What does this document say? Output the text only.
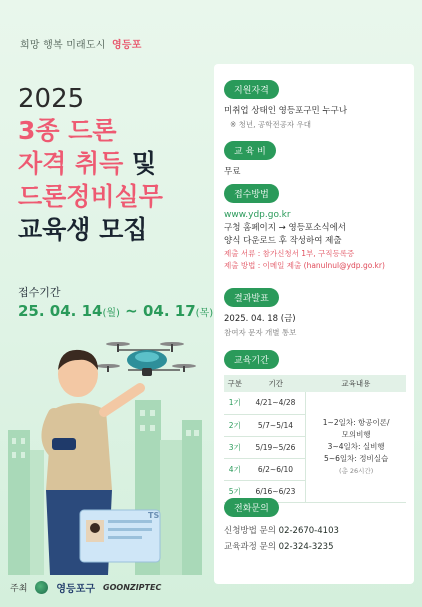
희망 행복 미래도시 영등포
2025
3종 드론
자격 취득 및
드론정비실무
교육생 모집
접수기간
25. 04. 14(월) ~ 04. 17(목)
TS
주최	영등포구 GOONZIPTEC
지원자격
미취업 상태인 영등포구민 누구나
※ 청년, 공학전공자 우대
교 육 비
무료
접수방법
www.ydp.go.kr
구청 홈페이지 → 영등포소식에서
양식 다운로드 후 작성하여 제출
제출 서류 : 참가신청서 1부, 구직등록증
제출 방법 : 이메일 제출 (hanulnul@ydp.go.kr)
결과발표
2025. 04. 18 (금)
참여자 문자 개별 통보
교육기간
구분	기간	교육내용
1기	4/21~4/28	1~2일차: 항공이론/
모의비행
3~4일차: 실비행
5~6일차: 정비실습
(총 26시간)

2기	5/7~5/14	
3기	5/19~5/26	
4기	6/2~6/10	
5기	6/16~6/23	
전화문의
신청방법 문의 02-2670-4103
교육과정 문의 02-324-3235
